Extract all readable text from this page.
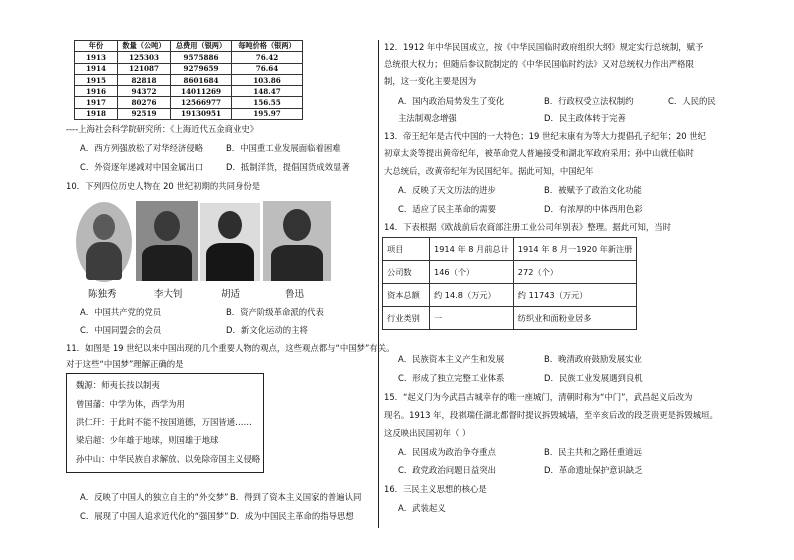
年份	数量（公吨）	总费用（银两）	每吨价格（银两）
1913	125303	9575886	76.42
1914	121087	9279659	76.64
1915	82818	8601684	103.86
1916	94372	14011269	148.47
1917	80276	12566977	156.55
1918	92519	19130951	195.97
----上海社会科学院研究所：《上海近代五金商业史》
A．西方列强放松了对华经济侵略	B．中国重工业发展面临着困难
C．外资逐年递减对中国金属出口	D．抵制洋货，提倡国货成效显著
10．下列四位历史人物在 20 世纪初期的共同身份是
陈独秀	李大钊	胡适	鲁迅
A．中国共产党的党员	B．资产阶级革命派的代表
C．中国同盟会的会员	D．新文化运动的主将
11．如图是 19 世纪以来中国出现的几个重要人物的观点，这些观点都与“中国梦”有关。
对于这些“中国梦”理解正确的是
魏源：师夷长技以制夷
曾国藩：中学为体，西学为用
洪仁玕：于此时不能不按国道德，万国皆通……
梁启超：少年雄于地球，则国雄于地球
孙中山：中华民族自求解放、以免除帝国主义侵略
A．反映了中国人的独立自主的“外交梦” B．得到了资本主义国家的普遍认同
C．展现了中国人追求近代化的“强国梦” D．成为中国民主革命的指导思想
12．1912 年中华民国成立，按《中华民国临时政府组织大纲》规定实行总统制，赋予
总统很大权力；但随后参议院制定的《中华民国临时约法》又对总统权力作出严格限
制，这一变化主要是因为
A．国内政治局势发生了变化	B．行政权受立法权制约	C．人民的民
主法制观念增强	D．民主政体转于完善
13．帝王纪年是古代中国的一大特色；19 世纪末康有为等大力提倡孔子纪年；20 世纪
初章太炎等提出黄帝纪年，被革命党人普遍接受和湖北军政府采用；孙中山就任临时
大总统后，改黄帝纪年为民国纪年。据此可知，中国纪年
A．反映了天文历法的进步	B．被赋予了政治文化功能
C．适应了民主革命的需要	D．有浓厚的中体西用色彩
14．下表根据《欧战前后农商部注册工业公司年别表》整理。据此可知，当时
项目	1914 年 8 月前总计	1914 年 8 月一1920 年新注册
公司数	146（个）	272（个）
资本总额	约 14.8（万元）	约 11743（万元）
行业类别	一	纺织业和面粉业居多
A．民族资本主义产生和发展	B．晚清政府鼓励发展实业
C．形成了独立完整工业体系	D．民族工业发展遇到良机
15．“起义门为今武昌古城幸存的唯一座城门，清朝时称为“中门”，武昌起义后改为
现名。1913 年，段祺瑞任湖北都督时提议拆毁城墙，至辛亥后改的段芝贵更是拆毁城垣。
这反映出民国初年（ ）
A．民国成为政治争夺重点	B．民主共和之路任重道远
C．政党政治问题日益突出	D．革命遗址保护意识缺乏
16．三民主义思想的核心是
A．武装起义
